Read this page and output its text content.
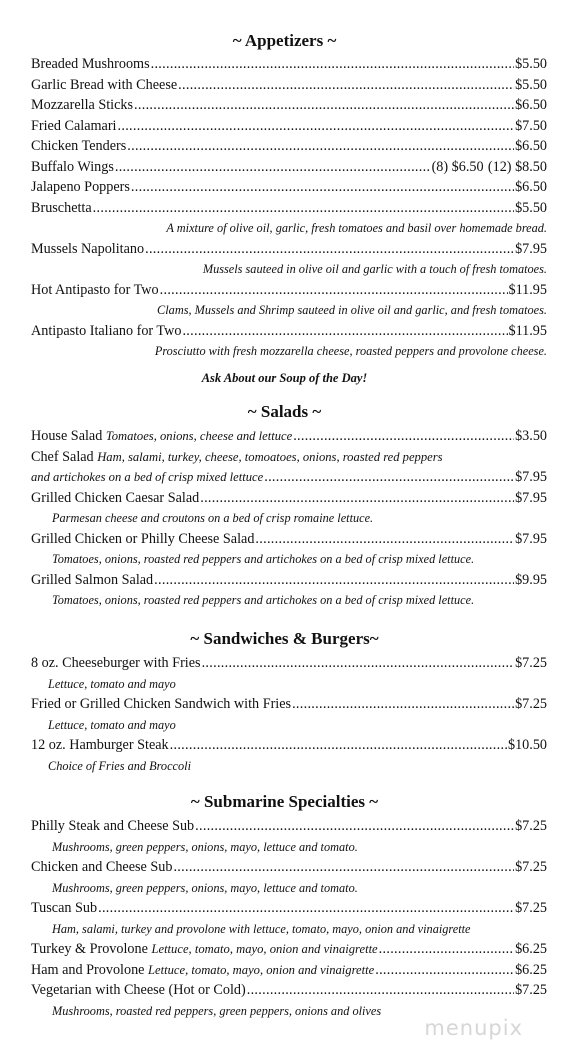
~ Appetizers ~
Breaded Mushrooms .....	$5.50
Garlic Bread with Cheese .....	$5.50
Mozzarella Sticks .....	$6.50
Fried Calamari .....	$7.50
Chicken Tenders .....	$6.50
Buffalo Wings .....	(8) $6.50 (12) $8.50
Jalapeno Poppers .....	$6.50
Bruschetta .....	$5.50
A mixture of olive oil, garlic, fresh tomatoes and basil over homemade bread.
Mussels Napolitano .....	$7.95
Mussels sauteed in olive oil and garlic with a touch of fresh tomatoes.
Hot Antipasto for Two .....	$11.95
Clams, Mussels and Shrimp sauteed in olive oil and garlic, and fresh tomatoes.
Antipasto Italiano for Two .....	$11.95
Prosciutto with fresh mozzarella cheese, roasted peppers and provolone cheese.
Ask About our Soup of the Day!
~ Salads ~
House Salad Tomatoes, onions, cheese and lettuce .....	$3.50
Chef Salad Ham, salami, turkey, cheese, tomoatoes, onions, roasted red peppers
and artichokes on a bed of crisp mixed lettuce .....	$7.95
Grilled Chicken Caesar Salad .....	$7.95
Parmesan cheese and croutons on a bed of crisp romaine lettuce.
Grilled Chicken or Philly Cheese Salad .....	$7.95
Tomatoes, onions, roasted red peppers and artichokes on a bed of crisp mixed lettuce.
Grilled Salmon Salad .....	$9.95
Tomatoes, onions, roasted red peppers and artichokes on a bed of crisp mixed lettuce.
~ Sandwiches & Burgers~
8 oz. Cheeseburger with Fries .....	$7.25
Lettuce, tomato and mayo
Fried or Grilled Chicken Sandwich with Fries .....	$7.25
Lettuce, tomato and mayo
12 oz. Hamburger Steak .....	$10.50
Choice of Fries and Broccoli
~ Submarine Specialties ~
Philly Steak and Cheese Sub .....	$7.25
Mushrooms, green peppers, onions, mayo, lettuce and tomato.
Chicken and Cheese Sub .....	$7.25
Mushrooms, green peppers, onions, mayo, lettuce and tomato.
Tuscan Sub .....	$7.25
Ham, salami, turkey and provolone with lettuce, tomato, mayo, onion and vinaigrette
Turkey & Provolone Lettuce, tomato, mayo, onion and vinaigrette .....	$6.25
Ham and Provolone Lettuce, tomato, mayo, onion and vinaigrette .....	$6.25
Vegetarian with Cheese (Hot or Cold) .....	$7.25
Mushrooms, roasted red peppers, green peppers, onions and olives
menupix
